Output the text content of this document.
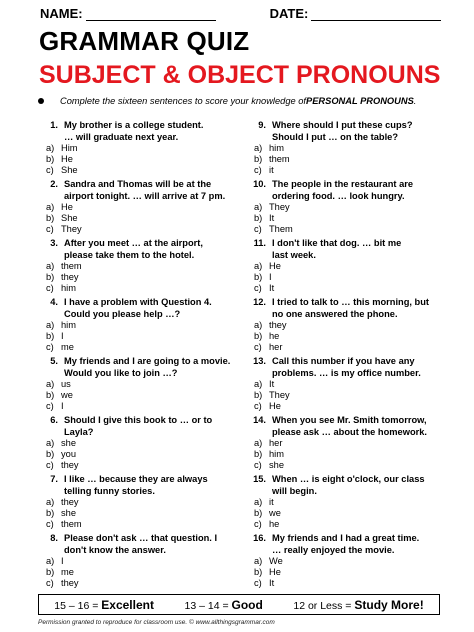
NAME:	DATE:
GRAMMAR QUIZ
SUBJECT & OBJECT PRONOUNS
Complete the sixteen sentences to score your knowledge of PERSONAL PRONOUNS .
1. My brother is a college student.
… will graduate next year.
a) Him
b) He
c) She
2. Sandra and Thomas will be at the
airport tonight. … will arrive at 7 pm.
a) He
b) She
c) They
3. After you meet … at the airport,
please take them to the hotel.
a) them
b) they
c) him
4. I have a problem with Question 4.
Could you please help …?
a) him
b) I
c) me
5. My friends and I are going to a movie.
Would you like to join …?
a) us
b) we
c) I
6. Should I give this book to … or to
Layla?
a) she
b) you
c) they
7. I like … because they are always
telling funny stories.
a) they
b) she
c) them
8. Please don't ask … that question. I
don't know the answer.
a) I
b) me
c) they
9. Where should I put these cups?
Should I put … on the table?
a) him
b) them
c) it
10. The people in the restaurant are
ordering food. … look hungry.
a) They
b) It
c) Them
11. I don't like that dog. … bit me
last week.
a) He
b) I
c) It
12. I tried to talk to … this morning, but
no one answered the phone.
a) they
b) he
c) her
13. Call this number if you have any
problems. … is my office number.
a) It
b) They
c) He
14. When you see Mr. Smith tomorrow,
please ask … about the homework.
a) her
b) him
c) she
15. When … is eight o'clock, our class
will begin.
a) it
b) we
c) he
16. My friends and I had a great time.
… really enjoyed the movie.
a) We
b) He
c) It
15 – 16 = Excellent	13 – 14 = Good	12 or Less = Study More!
Permission granted to reproduce for classroom use. © www.allthingsgrammar.com
